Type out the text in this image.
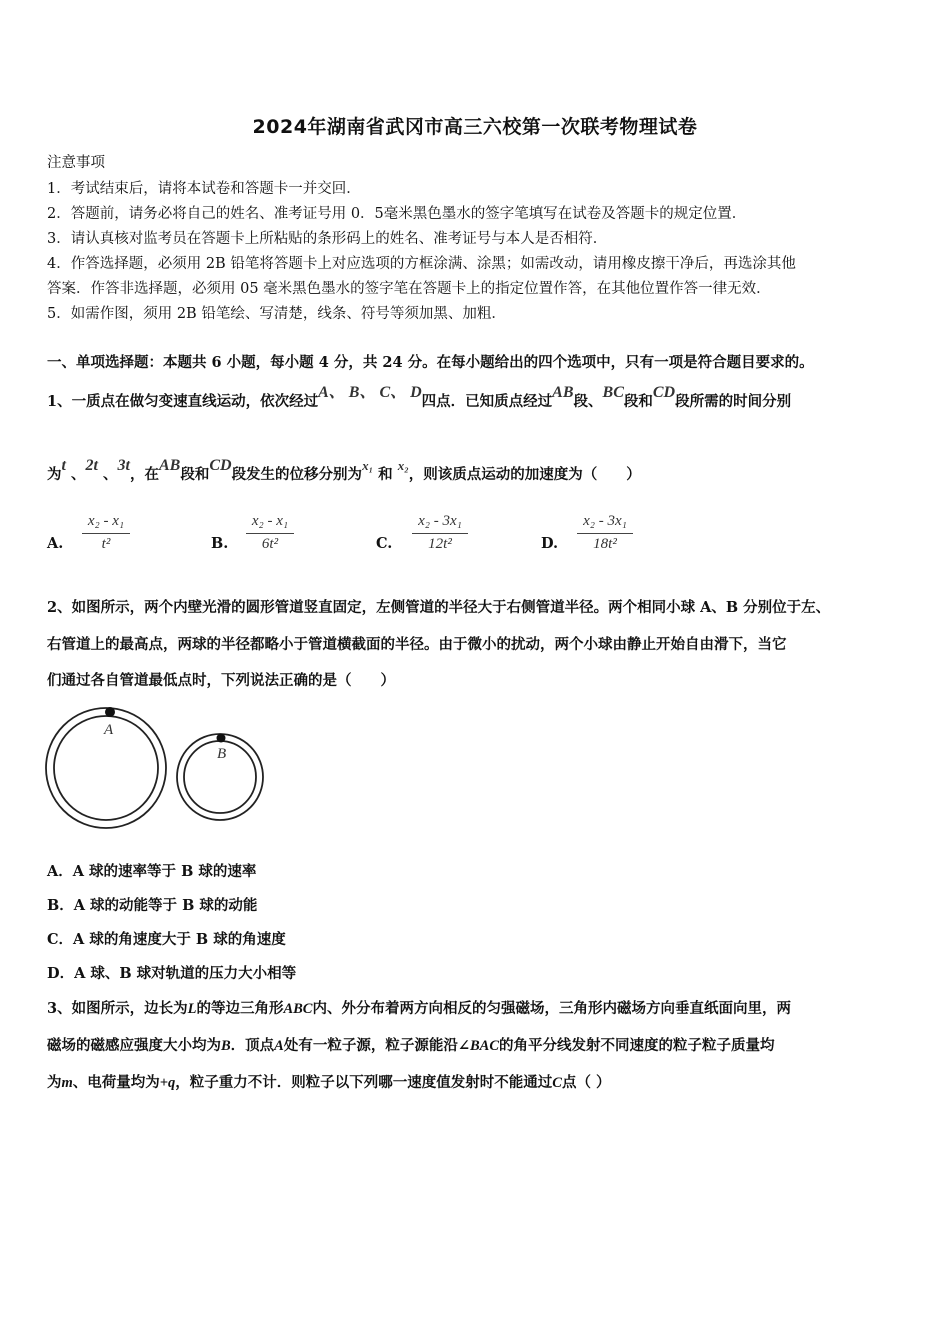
2024年湖南省武冈市高三六校第一次联考物理试卷
注意事项
1．考试结束后，请将本试卷和答题卡一并交回．
2．答题前，请务必将自己的姓名、准考证号用 0．5毫米黑色墨水的签字笔填写在试卷及答题卡的规定位置．
3．请认真核对监考员在答题卡上所粘贴的条形码上的姓名、准考证号与本人是否相符．
4．作答选择题，必须用 2B 铅笔将答题卡上对应选项的方框涂满、涂黑；如需改动，请用橡皮擦干净后，再选涂其他
答案．作答非选择题，必须用 05 毫米黑色墨水的签字笔在答题卡上的指定位置作答，在其他位置作答一律无效．
5．如需作图，须用 2B 铅笔绘、写清楚，线条、符号等须加黑、加粗．
一、单项选择题：本题共 6 小题，每小题 4 分，共 24 分。在每小题给出的四个选项中，只有一项是符合题目要求的。
1、一质点在做匀变速直线运动，依次经过A、 B、 C、 D四点．已知质点经过AB段、BC段和CD段所需的时间分别
为t 、2t 、3t，在AB段和CD段发生的位移分别为x₁ 和 x₂，则该质点运动的加速度为（　　）
A. $\frac{\text{x₂ - x₁}}{\text{t²}}$	B. $\frac{\text{x₂ - x₁}}{\text{6t²}}$	C. $\frac{\text{x₂ - 3x₁}}{\text{12t²}}$	D. $\frac{\text{x₂ - 3x₁}}{\text{18t²}}$
2、如图所示，两个内壁光滑的圆形管道竖直固定，左侧管道的半径大于右侧管道半径。两个相同小球 A、B 分别位于左、
右管道上的最高点，两球的半径都略小于管道横截面的半径。由于微小的扰动，两个小球由静止开始自由滑下，当它
们通过各自管道最低点时，下列说法正确的是（　　）
A
B
A．A 球的速率等于 B 球的速率
B．A 球的动能等于 B 球的动能
C．A 球的角速度大于 B 球的角速度
D．A 球、B 球对轨道的压力大小相等
3、如图所示，边长为L的等边三角形ABC内、外分布着两方向相反的匀强磁场，三角形内磁场方向垂直纸面向里，两
磁场的磁感应强度大小均为B．顶点A处有一粒子源，粒子源能沿∠BAC的角平分线发射不同速度的粒子粒子质量均
为m、电荷量均为+q，粒子重力不计．则粒子以下列哪一速度值发射时不能通过C点（ ）
